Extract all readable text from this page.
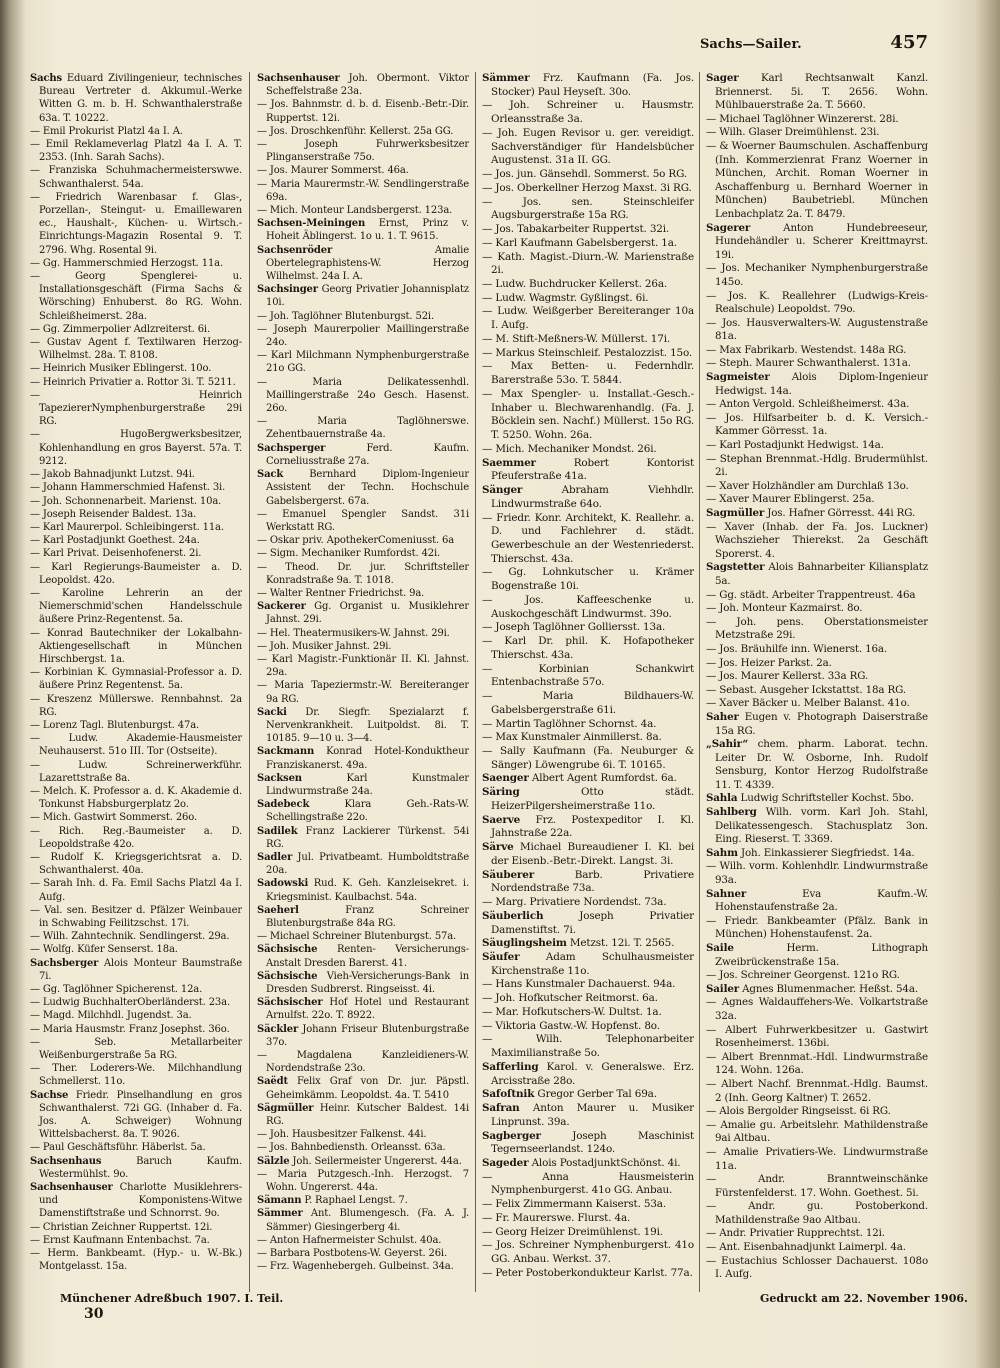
Sachs—Sailer.	457
Sachs Eduard Zivilingenieur, technisches Bureau Vertreter d. Akkumul.-Werke Witten G. m. b. H. Schwanthalerstraße 63a. T. 10222.
— Emil Prokurist Platzl 4a I. A.
— Emil Reklameverlag Platzl 4a I. A. T. 2353. (Inh. Sarah Sachs).
— Franziska Schuhmachermeisterswwe. Schwanthalerst. 54a.
— Friedrich Warenbasar f. Glas-, Porzellan-, Steingut- u. Emaillewaren ec., Haushalt-, Küchen- u. Wirtsch.-Einrichtungs-Magazin Rosental 9. T. 2796. Whg. Rosental 9i.
— Gg. Hammerschmied Herzogst. 11a.
— Georg Spenglerei- u. Installationsgeschäft (Firma Sachs & Wörsching) Enhuberst. 8o RG. Wohn. Schleißheimerst. 28a.
— Gg. Zimmerpolier Adlzreiterst. 6i.
— Gustav Agent f. Textilwaren Herzog-Wilhelmst. 28a. T. 8108.
— Heinrich Musiker Eblingerst. 10o.
— Heinrich Privatier a. Rottor 3i. T. 5211.
— Heinrich TapeziererNymphenburgerstraße 29i RG.
— HugoBergwerksbesitzer, Kohlenhandlung en gros Bayerst. 57a. T. 9212.
— Jakob Bahnadjunkt Lutzst. 94i.
— Johann Hammerschmied Hafenst. 3i.
— Joh. Schonnenarbeit. Marienst. 10a.
— Joseph Reisender Baldest. 13a.
— Karl Maurerpol. Schleibingerst. 11a.
— Karl Postadjunkt Goethest. 24a.
— Karl Privat. Deisenhofenerst. 2i.
— Karl Regierungs-Baumeister a. D. Leopoldst. 42o.
— Karoline Lehrerin an der Niemerschmid'schen Handelsschule äußere Prinz-Regentenst. 5a.
— Konrad Bautechniker der Lokalbahn-Aktiengesellschaft in München Hirschbergst. 1a.
— Korbinian K. Gymnasial-Professor a. D. äußere Prinz Regentenst. 5a.
— Kreszenz Müllerswe. Rennbahnst. 2a RG.
— Lorenz Tagl. Blutenburgst. 47a.
— Ludw. Akademie-Hausmeister Neuhauserst. 51o III. Tor (Ostseite).
— Ludw. Schreinerwerkführ. Lazarettstraße 8a.
— Melch. K. Professor a. d. K. Akademie d. Tonkunst Habsburgerplatz 2o.
— Mich. Gastwirt Sommerst. 26o.
— Rich. Reg.-Baumeister a. D. Leopoldstraße 42o.
— Rudolf K. Kriegsgerichtsrat a. D. Schwanthalerst. 40a.
— Sarah Inh. d. Fa. Emil Sachs Platzl 4a I. Aufg.
— Val. sen. Besitzer d. Pfälzer Weinbauer in Schwabing Feilitzschst. 17i.
— Wilh. Zahntechnik. Sendlingerst. 29a.
— Wolfg. Küfer Senserst. 18a.
Sachsberger Alois Monteur Baumstraße 7i.
— Gg. Taglöhner Spicherenst. 12a.
— Ludwig BuchhalterOberländerst. 23a.
— Magd. Milchhdl. Jugendst. 3a.
— Maria Hausmstr. Franz Josephst. 36o.
— Seb. Metallarbeiter Weißenburgerstraße 5a RG.
— Ther. Loderers-We. Milchhandlung Schmellerst. 11o.
Sachse Friedr. Pinselhandlung en gros Schwanthalerst. 72i GG. (Inhaber d. Fa. Jos. A. Schweiger) Wohnung Wittelsbacherst. 8a. T. 9026.
— Paul Geschäftsführ. Häberlst. 5a.
Sachsenhaus Baruch Kaufm. Westermühlst. 9o.
Sachsenhauser Charlotte Musiklehrers- und Komponistens-Witwe Damenstiftstraße und Schnorrst. 9o.
— Christian Zeichner Ruppertst. 12i.
— Ernst Kaufmann Entenbachst. 7a.
— Herm. Bankbeamt. (Hyp.- u. W.-Bk.) Montgelasst. 15a.
Sachsenhauser Joh. Obermont. Viktor Scheffelstraße 23a.
— Jos. Bahnmstr. d. b. d. Eisenb.-Betr.-Dir. Ruppertst. 12i.
— Jos. Droschkenführ. Kellerst. 25a GG.
— Joseph Fuhrwerksbesitzer Plinganserstraße 75o.
— Jos. Maurer Sommerst. 46a.
— Maria Maurermstr.-W. Sendlingerstraße 69a.
— Mich. Monteur Landsbergerst. 123a.
Sachsen-Meiningen Ernst, Prinz v. Hoheit Äblingerst. 1o u. 1. T. 9615.
Sachsenröder Amalie Obertelegraphistens-W. Herzog Wilhelmst. 24a I. A.
Sachsinger Georg Privatier Johannisplatz 10i.
— Joh. Taglöhner Blutenburgst. 52i.
— Joseph Maurerpolier Maillingerstraße 24o.
— Karl Milchmann Nymphenburgerstraße 21o GG.
— Maria Delikatessenhdl. Maillingerstraße 24o Gesch. Hasenst. 26o.
— Maria Taglöhnerswe. Zehentbauernstraße 4a.
Sachsperger Ferd. Kaufm. Corneliusstraße 27a.
Sack Bernhard Diplom-Ingenieur Assistent der Techn. Hochschule Gabelsbergerst. 67a.
— Emanuel Spengler Sandst. 31i Werkstatt RG.
— Oskar priv. ApothekerComeniusst. 6a
— Sigm. Mechaniker Rumfordst. 42i.
— Theod. Dr. jur. Schriftsteller Konradstraße 9a. T. 1018.
— Walter Rentner Friedrichst. 9a.
Sackerer Gg. Organist u. Musiklehrer Jahnst. 29i.
— Hel. Theatermusikers-W. Jahnst. 29i.
— Joh. Musiker Jahnst. 29i.
— Karl Magistr.-Funktionär II. Kl. Jahnst. 29a.
— Maria Tapeziermstr.-W. Bereiteranger 9a RG.
Sacki Dr. Siegfr. Spezialarzt f. Nervenkrankheit. Luitpoldst. 8i. T. 10185. 9—10 u. 3—4.
Sackmann Konrad Hotel-Konduktheur Franziskanerst. 49a.
Sacksen Karl Kunstmaler Lindwurmstraße 24a.
Sadebeck Klara Geh.-Rats-W. Schellingstraße 22o.
Sadilek Franz Lackierer Türkenst. 54i RG.
Sadler Jul. Privatbeamt. Humboldtstraße 20a.
Sadowski Rud. K. Geh. Kanzleisekret. i. Kriegsminist. Kaulbachst. 54a.
Saeherl Franz Schreiner Blutenburgstraße 84a RG.
— Michael Schreiner Blutenburgst. 57a.
Sächsische Renten- Versicherungs-Anstalt Dresden Barerst. 41.
Sächsische Vieh-Versicherungs-Bank in Dresden Sudbrerst. Ringseisst. 4i.
Sächsischer Hof Hotel und Restaurant Arnulfst. 22o. T. 8922.
Säckler Johann Friseur Blutenburgstraße 37o.
— Magdalena Kanzleidieners-W. Nordendstraße 23o.
Saëdt Felix Graf von Dr. jur. Päpstl. Geheimkämm. Leopoldst. 4a. T. 5410
Sägmüller Heinr. Kutscher Baldest. 14i RG.
— Joh. Hausbesitzer Falkenst. 44i.
— Jos. Bahnbediensth. Orleansst. 63a.
Sälzle Joh. Seilermeister Ungererst. 44a.
— Maria Putzgesch.-Inh. Herzogst. 7 Wohn. Ungererst. 44a.
Sämann P. Raphael Lengst. 7.
Sämmer Ant. Blumengesch. (Fa. A. J. Sämmer) Giesingerberg 4i.
— Anton Hafnermeister Schulst. 40a.
— Barbara Postbotens-W. Geyerst. 26i.
— Frz. Wagenhebergeh. Gulbeinst. 34a.
Sämmer Frz. Kaufmann (Fa. Jos. Stocker) Paul Heyseſt. 30o.
— Joh. Schreiner u. Hausmstr. Orleansstraße 3a.
— Joh. Eugen Revisor u. ger. vereidigt. Sachverständiger für Handelsbücher Augustenst. 31a II. GG.
— Jos. jun. Gänsehdl. Sommerst. 5o RG.
— Jos. Oberkellner Herzog Maxst. 3i RG.
— Jos. sen. Steinschleifer Augsburgerstraße 15a RG.
— Jos. Tabakarbeiter Ruppertst. 32i.
— Karl Kaufmann Gabelsbergerst. 1a.
— Kath. Magist.-Diurn.-W. Marienstraße 2i.
— Ludw. Buchdrucker Kellerst. 26a.
— Ludw. Wagmstr. Gyßlingst. 6i.
— Ludw. Weißgerber Bereiteranger 10a I. Aufg.
— M. Stift-Meßners-W. Müllerst. 17i.
— Markus Steinschleif. Pestalozzist. 15o.
— Max Betten- u. Federnhdlr. Barerstraße 53o. T. 5844.
— Max Spengler- u. Installat.-Gesch.-Inhaber u. Blechwarenhandlg. (Fa. J. Böcklein sen. Nachf.) Müllerst. 15o RG. T. 5250. Wohn. 26a.
— Mich. Mechaniker Mondst. 26i.
Saemmer Robert Kontorist Pfeuferstraße 41a.
Sänger Abraham Viehhdlr. Lindwurmstraße 64o.
— Friedr. Konr. Architekt, K. Reallehr. a. D. und Fachlehrer d. städt. Gewerbeschule an der Westenriederst. Thierschst. 43a.
— Gg. Lohnkutscher u. Krämer Bogenstraße 10i.
— Jos. Kaffeeschenke u. Auskochgeschäft Lindwurmst. 39o.
— Joseph Taglöhner Golliersst. 13a.
— Karl Dr. phil. K. Hofapotheker Thierschst. 43a.
— Korbinian Schankwirt Entenbachstraße 57o.
— Maria Bildhauers-W. Gabelsbergerstraße 61i.
— Martin Taglöhner Schornst. 4a.
— Max Kunstmaler Ainmillerst. 8a.
— Sally Kaufmann (Fa. Neuburger & Sänger) Löwengrube 6i. T. 10165.
Saenger Albert Agent Rumfordst. 6a.
Säring Otto städt. HeizerPilgersheimerstraße 11o.
Saerve Frz. Postexpeditor I. Kl. Jahnstraße 22a.
Särve Michael Bureaudiener I. Kl. bei der Eisenb.-Betr.-Direkt. Langst. 3i.
Säuberer Barb. Privatiere Nordendstraße 73a.
— Marg. Privatiere Nordendst. 73a.
Säuberlich Joseph Privatier Damenstiftst. 7i.
Säuglingsheim Metzst. 12i. T. 2565.
Säufer Adam Schulhausmeister Kirchenstraße 11o.
— Hans Kunstmaler Dachauerst. 94a.
— Joh. Hofkutscher Reitmorst. 6a.
— Mar. Hofkutschers-W. Dultst. 1a.
— Viktoria Gastw.-W. Hopfenst. 8o.
— Wilh. Telephonarbeiter Maximilianstraße 5o.
Safferling Karol. v. Generalswe. Erz. Arcisstraße 28o.
Safoſtnik Gregor Gerber Tal 69a.
Safran Anton Maurer u. Musiker Linprunst. 39a.
Sagberger Joseph Maschinist Tegernseerlandst. 124o.
Sageder Alois PostadjunktSchönst. 4i.
— Anna Hausmeisterin Nymphenburgerst. 41o GG. Anbau.
— Felix Zimmermann Kaiserst. 53a.
— Fr. Maurerswe. Flurst. 4a.
— Georg Heizer Dreimühlenst. 19i.
— Jos. Schreiner Nymphenburgerst. 41o GG. Anbau. Werkst. 37.
— Peter Postoberkondukteur Karlst. 77a.
Sager Karl Rechtsanwalt Kanzl. Briennerst. 5i. T. 2656. Wohn. Mühlbauerstraße 2a. T. 5660.
— Michael Taglöhner Winzererst. 28i.
— Wilh. Glaser Dreimühlenst. 23i.
— & Woerner Baumschulen. Aschaffenburg (Inh. Kommerzienrat Franz Woerner in München, Archit. Roman Woerner in Aschaffenburg u. Bernhard Woerner in München) Baubetriebl. München Lenbachplatz 2a. T. 8479.
Sagerer Anton Hundebreeseur, Hundehändler u. Scherer Kreittmayrst. 19i.
— Jos. Mechaniker Nymphenburgerstraße 145o.
— Jos. K. Reallehrer (Ludwigs-Kreis-Realschule) Leopoldst. 79o.
— Jos. Hausverwalters-W. Augustenstraße 81a.
— Max Fabrikarb. Westendst. 148a RG.
— Steph. Maurer Schwanthalerst. 131a.
Sagmeister Alois Diplom-Ingenieur Hedwigst. 14a.
— Anton Vergold. Schleißheimerst. 43a.
— Jos. Hilfsarbeiter b. d. K. Versich.-Kammer Görresst. 1a.
— Karl Postadjunkt Hedwigst. 14a.
— Stephan Brennmat.-Hdlg. Brudermühlst. 2i.
— Xaver Holzhändler am Durchlaß 13o.
— Xaver Maurer Eblingerst. 25a.
Sagmüller Jos. Hafner Görresst. 44i RG.
— Xaver (Inhab. der Fa. Jos. Luckner) Wachszieher Thierekst. 2a Geschäft Sporerst. 4.
Sagstetter Alois Bahnarbeiter Kiliansplatz 5a.
— Gg. städt. Arbeiter Trappentreust. 46a
— Joh. Monteur Kazmairst. 8o.
— Joh. pens. Oberstationsmeister Metzstraße 29i.
— Jos. Bräuhilfe inn. Wienerst. 16a.
— Jos. Heizer Parkst. 2a.
— Jos. Maurer Kellerst. 33a RG.
— Sebast. Ausgeher Ickstattst. 18a RG.
— Xaver Bäcker u. Melber Balanst. 41o.
Saher Eugen v. Photograph Daiserstraße 15a RG.
„Sahir“ chem. pharm. Laborat. techn. Leiter Dr. W. Osborne, Inh. Rudolf Sensburg, Kontor Herzog Rudolfstraße 11. T. 4339.
Sahla Ludwig Schriftsteller Kochst. 5bo.
Sahlberg Wilh. vorm. Karl Joh. Stahl, Delikatessengesch. Stachusplatz 3on. Eing. Rieserst. T. 3369.
Sahm Joh. Einkassierer Siegfriedst. 14a.
— Wilh. vorm. Kohlenhdlr. Lindwurmstraße 93a.
Sahner Eva Kaufm.-W. Hohenstaufenstraße 2a.
— Friedr. Bankbeamter (Pfälz. Bank in München) Hohenstaufenst. 2a.
Saile Herm. Lithograph Zweibrückenstraße 15a.
— Jos. Schreiner Georgenst. 121o RG.
Sailer Agnes Blumenmacher. Heßst. 54a.
— Agnes Waldauffehers-We. Volkartstraße 32a.
— Albert Fuhrwerkbesitzer u. Gastwirt Rosenheimerst. 136bi.
— Albert Brennmat.-Hdl. Lindwurmstraße 124. Wohn. 126a.
— Albert Nachf. Brennmat.-Hdlg. Baumst. 2 (Inh. Georg Kaltner) T. 2652.
— Alois Bergolder Ringseisst. 6i RG.
— Amalie gu. Arbeitslehr. Mathildenstraße 9ai Altbau.
— Amalie Privatiers-We. Lindwurmstraße 11a.
— Andr. Branntweinschänke Fürstenfelderst. 17. Wohn. Goethest. 5i.
— Andr. gu. Postoberkond. Mathildenstraße 9ao Altbau.
— Andr. Privatier Rupprechtst. 12i.
— Ant. Eisenbahnadjunkt Laimerpl. 4a.
— Eustachius Schlosser Dachauerst. 108o I. Aufg.
Münchener Adreßbuch 1907. I. Teil.
30
Gedruckt am 22. November 1906.
